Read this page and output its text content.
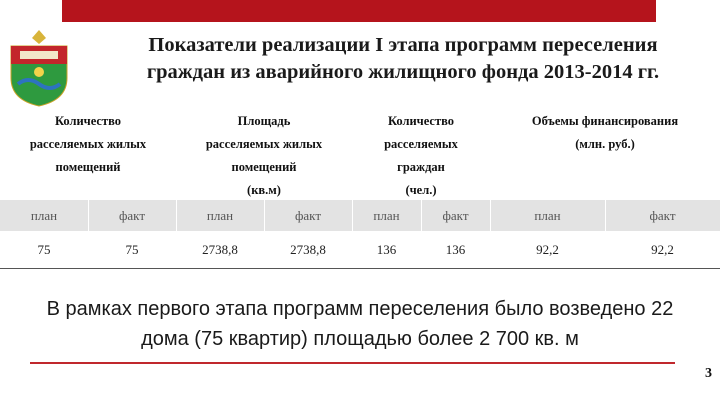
Показатели реализации I этапа программ переселения
граждан из аварийного жилищного фонда 2013-2014 гг.
Количество
расселяемых жилых
помещений
Площадь
расселяемых жилых
помещений
(кв.м)
Количество
расселяемых
граждан
(чел.)
Объемы финансирования
(млн. руб.)
план	факт	план	факт	план	факт	план	факт
75	75	2738,8	2738,8	136	136	92,2	92,2
В рамках первого этапа программ переселения было возведено 22
дома (75 квартир) площадью более 2 700 кв. м
3
